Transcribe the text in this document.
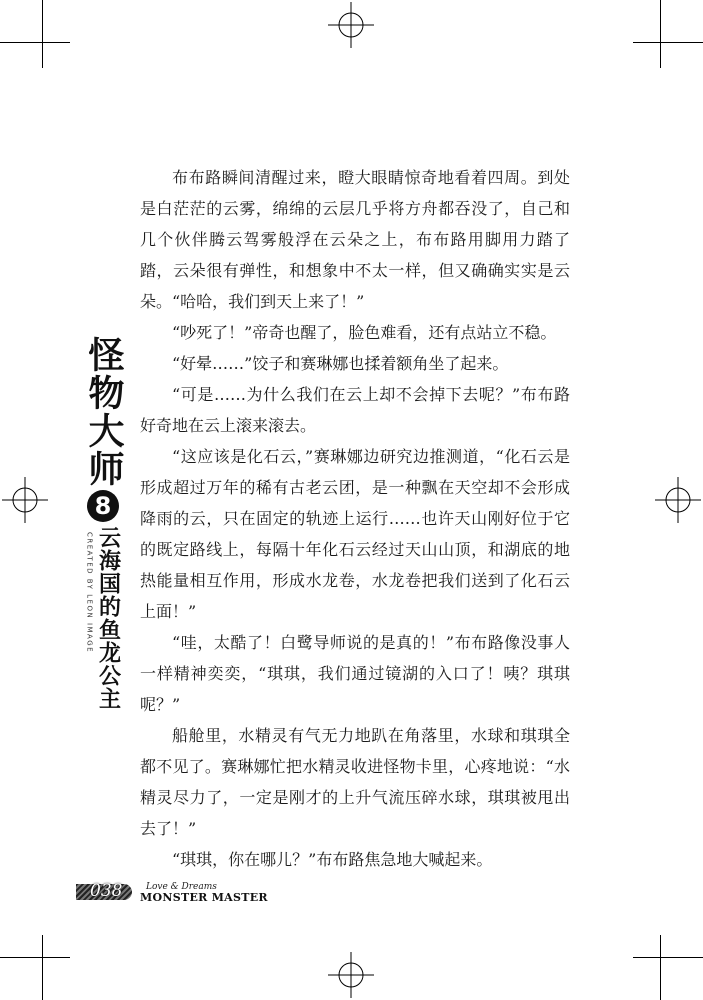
怪物大师
8
云海国的鱼龙公主
CREATED BY LEON IMAGE

布布路瞬间清醒过来，瞪大眼睛惊奇地看着四周。到处是白茫茫的云雾，绵绵的云层几乎将方舟都吞没了，自己和几个伙伴腾云驾雾般浮在云朵之上，布布路用脚用力踏了踏，云朵很有弹性，和想象中不太一样，但又确确实实是云朵。“哈哈，我们到天上来了！”

“吵死了！”帝奇也醒了，脸色难看，还有点站立不稳。

“好晕……”饺子和赛琳娜也揉着额角坐了起来。

“可是……为什么我们在云上却不会掉下去呢？”布布路好奇地在云上滚来滚去。

“这应该是化石云，”赛琳娜边研究边推测道，“化石云是形成超过万年的稀有古老云团，是一种飘在天空却不会形成降雨的云，只在固定的轨迹上运行……也许天山刚好位于它的既定路线上，每隔十年化石云经过天山山顶，和湖底的地热能量相互作用，形成水龙卷，水龙卷把我们送到了化石云上面！”

“哇，太酷了！白鹭导师说的是真的！”布布路像没事人一样精神奕奕，“琪琪，我们通过镜湖的入口了！咦？琪琪呢？”

船舱里，水精灵有气无力地趴在角落里，水球和琪琪全都不见了。赛琳娜忙把水精灵收进怪物卡里，心疼地说：“水精灵尽力了，一定是刚才的上升气流压碎水球，琪琪被甩出去了！”

“琪琪，你在哪儿？”布布路焦急地大喊起来。

038	Love & Dreams
MONSTER MASTER
